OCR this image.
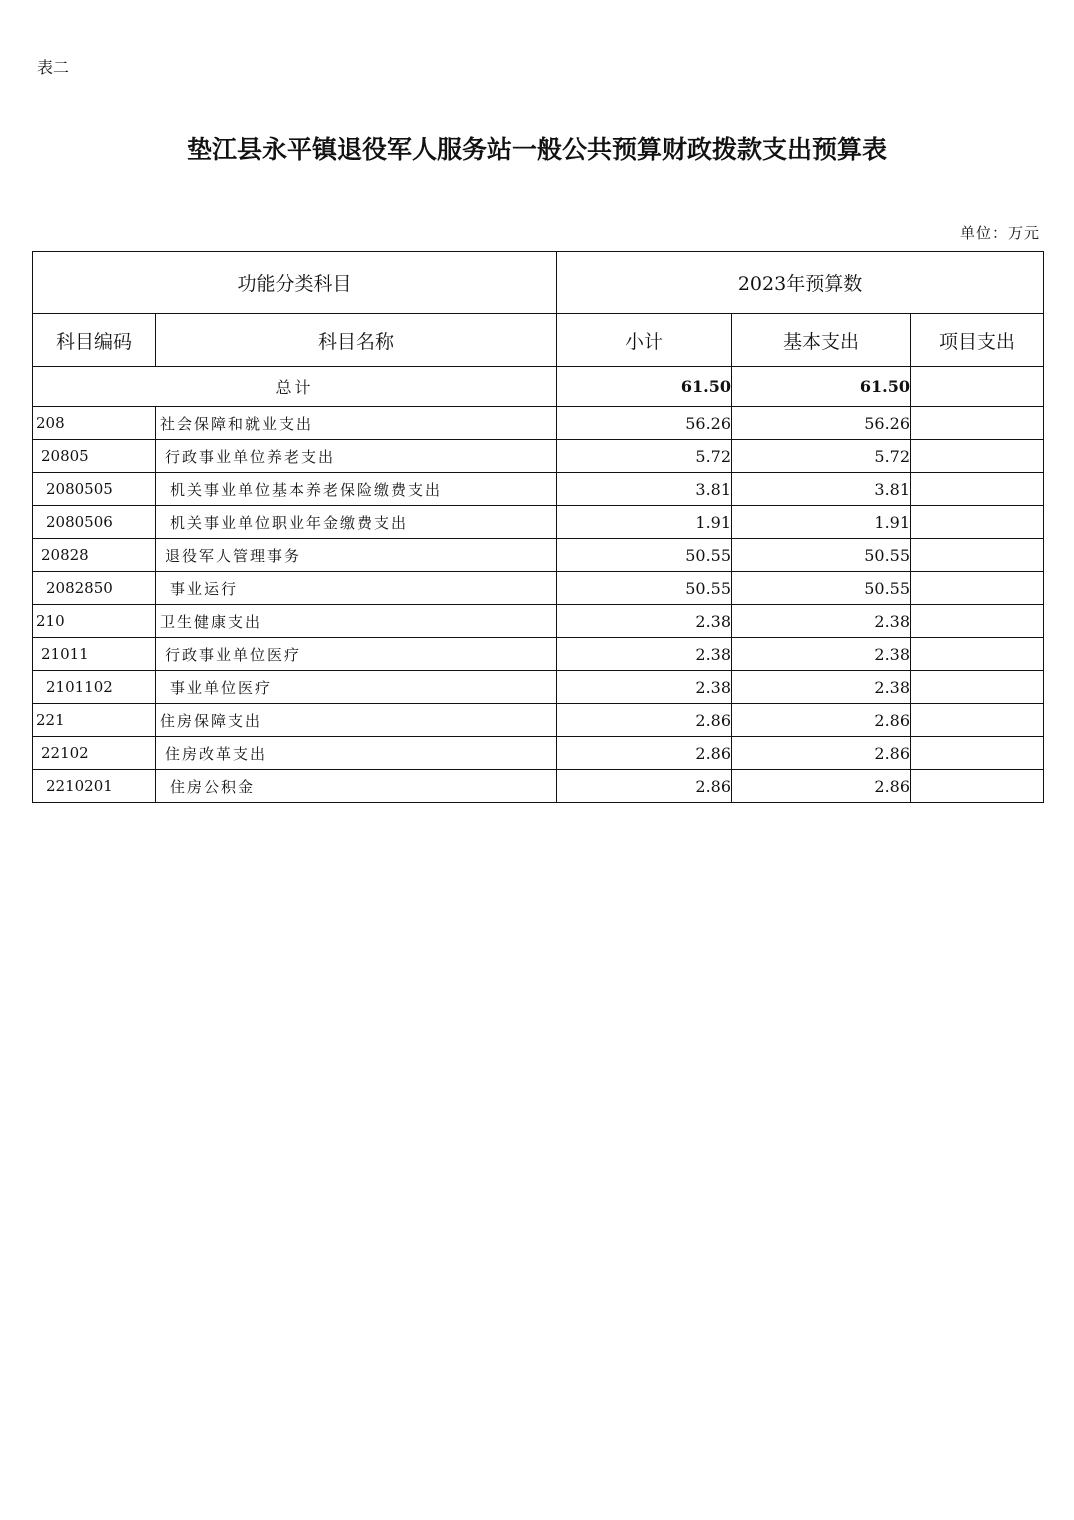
表二
垫江县永平镇退役军人服务站一般公共预算财政拨款支出预算表
单位：万元
功能分类科目		2023年预算数		
科目编码	科目名称	小计	基本支出	项目支出
总计		61.50	61.50	
208	社会保障和就业支出	56.26	56.26	
20805	行政事业单位养老支出	5.72	5.72	
2080505	机关事业单位基本养老保险缴费支出	3.81	3.81	
2080506	机关事业单位职业年金缴费支出	1.91	1.91	
20828	退役军人管理事务	50.55	50.55	
2082850	事业运行	50.55	50.55	
210	卫生健康支出	2.38	2.38	
21011	行政事业单位医疗	2.38	2.38	
2101102	事业单位医疗	2.38	2.38	
221	住房保障支出	2.86	2.86	
22102	住房改革支出	2.86	2.86	
2210201	住房公积金	2.86	2.86	
